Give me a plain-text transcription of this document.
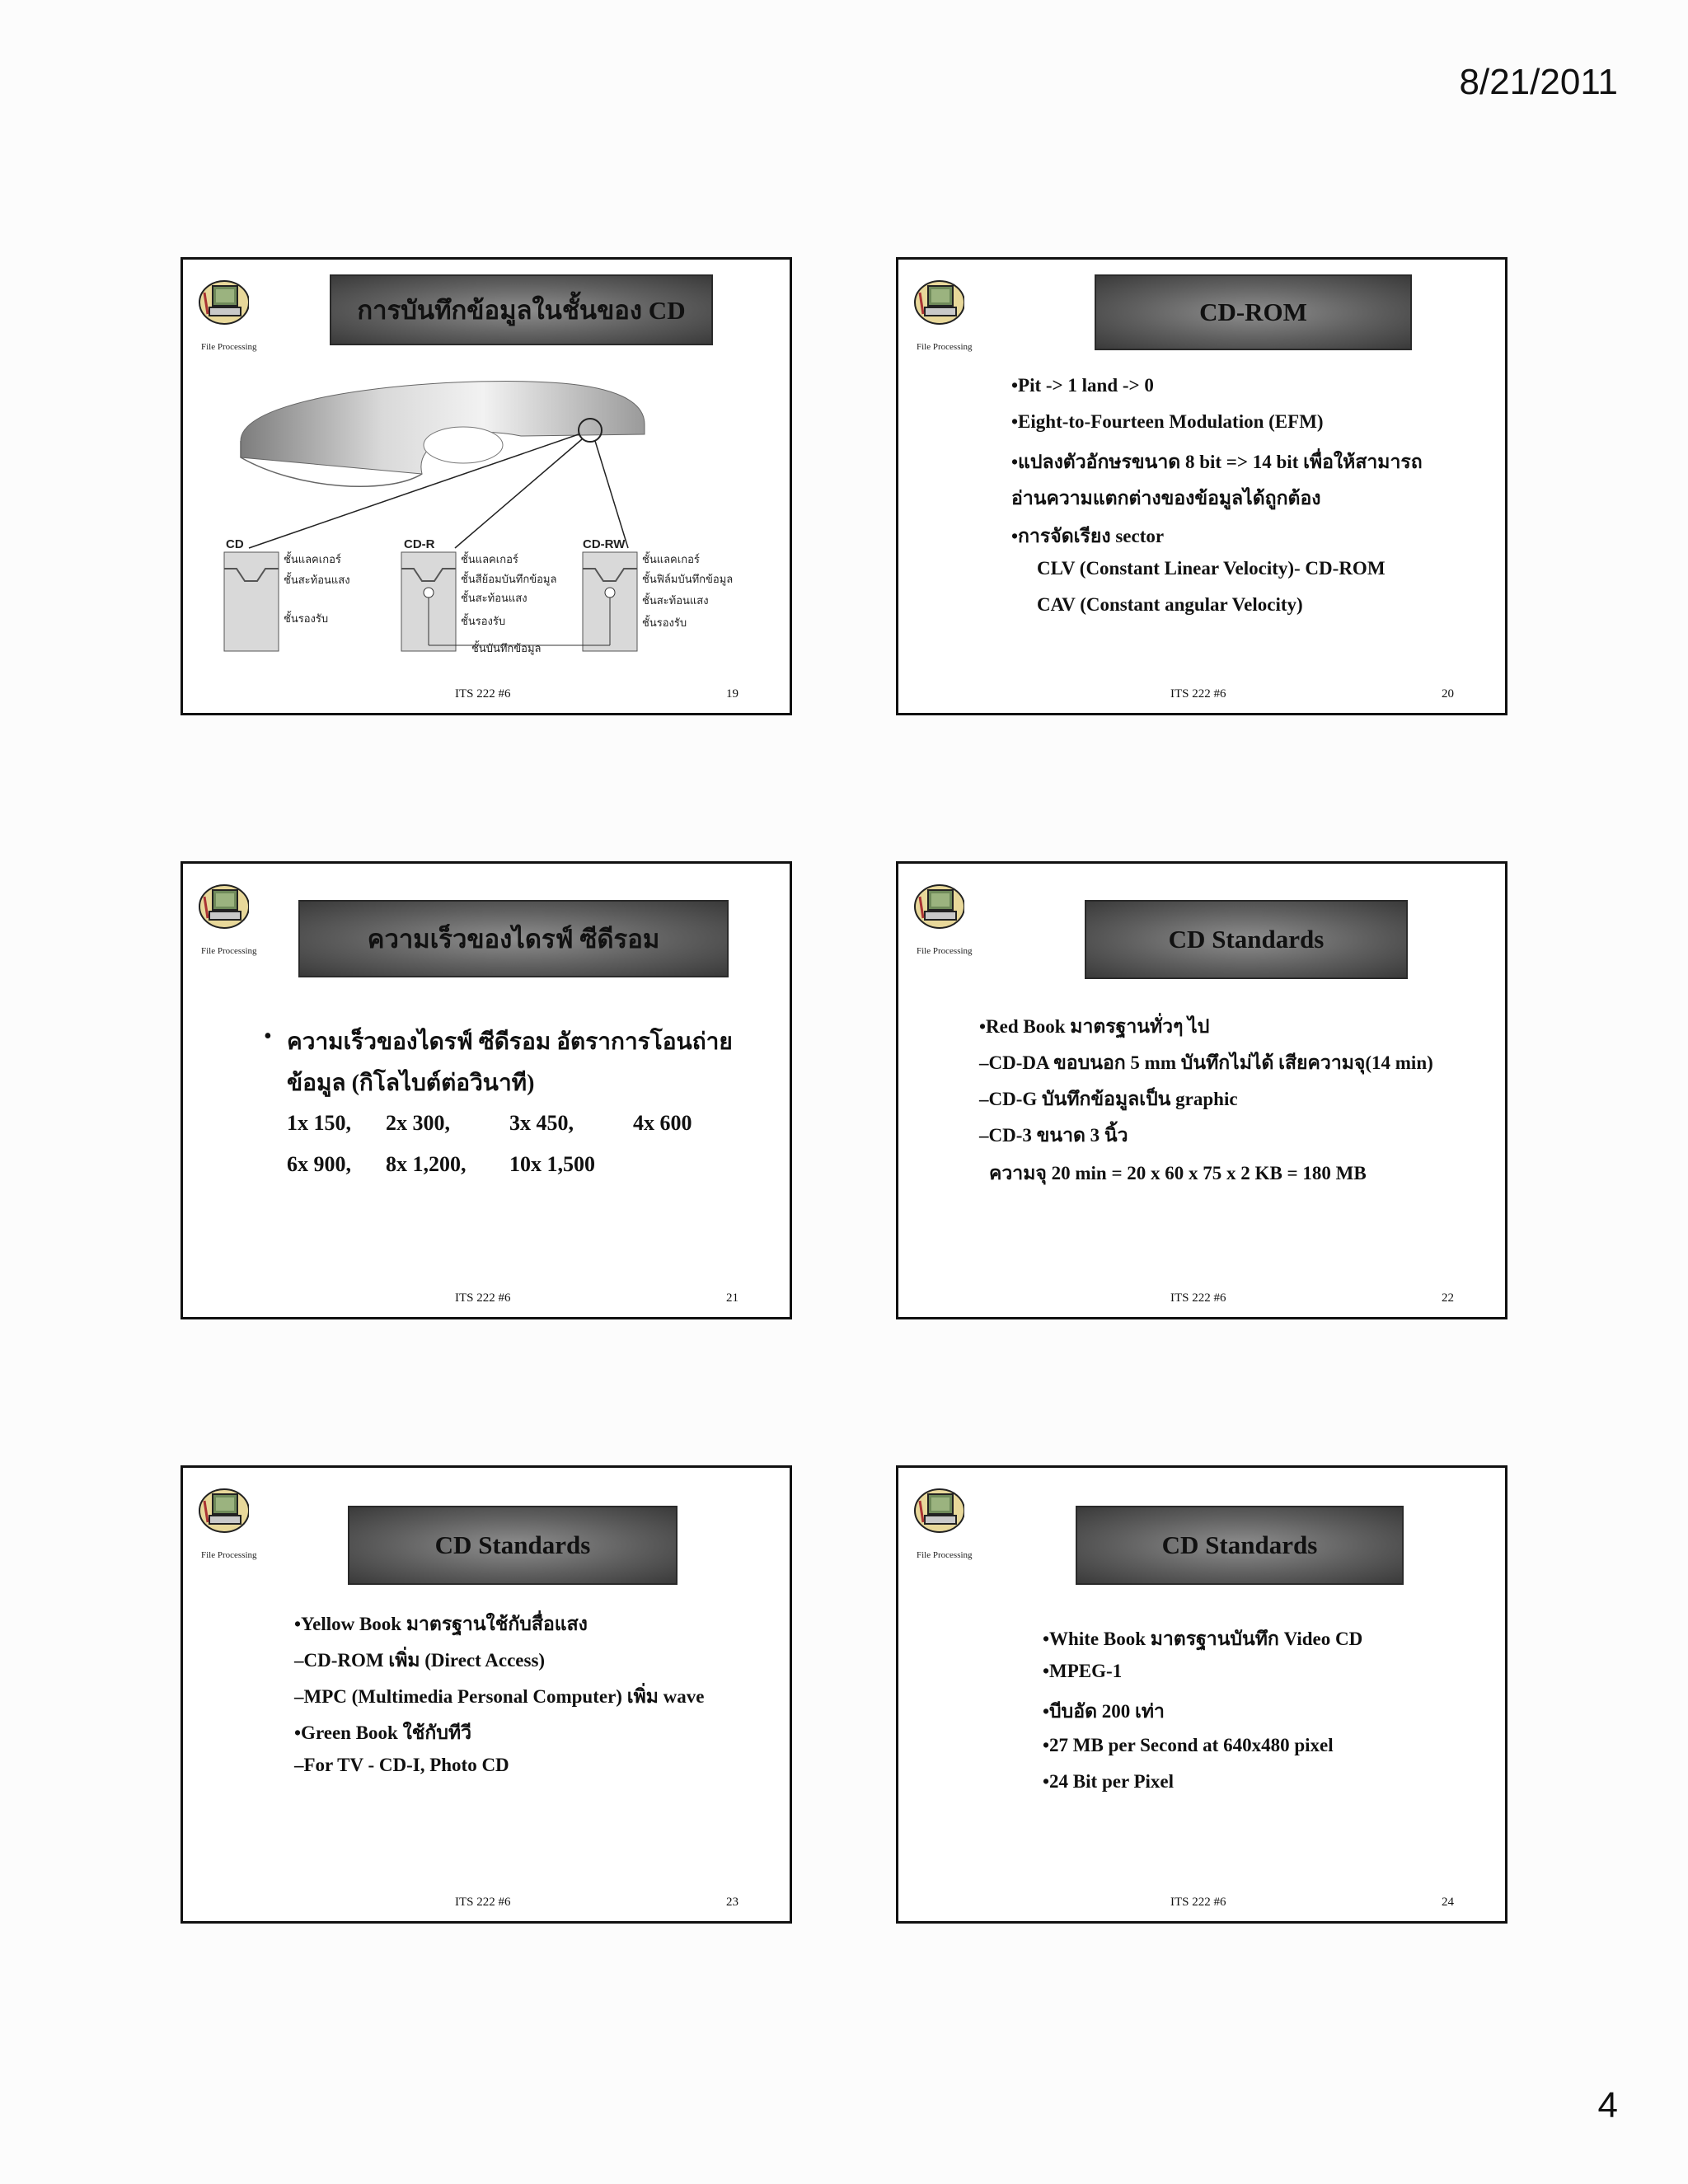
8/21/2011
File Processing
การบันทึกข้อมูลในชั้นของ CD
CD	CD-R	CD-RW
ชั้นแลคเกอร์
ชั้นสะท้อนแสง
ชั้นรองรับ
ชั้นแลคเกอร์
ชั้นสีย้อมบันทึกข้อมูล
ชั้นสะท้อนแสง
ชั้นรองรับ
ชั้นแลคเกอร์
ชั้นฟิล์มบันทึกข้อมูล
ชั้นสะท้อนแสง
ชั้นรองรับ
ชั้นบันทึกข้อมูล
ITS 222 #6	19
File Processing
CD-ROM
•Pit -> 1 land -> 0
•Eight-to-Fourteen Modulation (EFM)
•แปลงตัวอักษรขนาด 8 bit => 14 bit เพื่อให้สามารถ
อ่านความแตกต่างของข้อมูลได้ถูกต้อง
•การจัดเรียง sector
CLV (Constant Linear Velocity)- CD-ROM
CAV (Constant angular Velocity)
ITS 222 #6	20
File Processing	ความเร็วของไดรฟ์ ซีดีรอม
• ความเร็วของไดรฟ์ ซีดีรอม อัตราการโอนถ่าย
ข้อมูล (กิโลไบต์ต่อวินาที)
1x 150, 2x 300,	3x 450,	4x 600
6x 900, 8x 1,200, 10x 1,500
ITS 222 #6	21
File Processing	CD Standards
•Red Book มาตรฐานทั่วๆ ไป
–CD-DA ขอบนอก 5 mm บันทึกไม่ได้ เสียความจุ(14 min)
–CD-G บันทึกข้อมูลเป็น graphic
–CD-3 ขนาด 3 นิ้ว
ความจุ 20 min = 20 x 60 x 75 x 2 KB = 180 MB
ITS 222 #6	22
File Processing	CD Standards
•Yellow Book มาตรฐานใช้กับสื่อแสง
–CD-ROM เพิ่ม (Direct Access)
–MPC (Multimedia Personal Computer) เพิ่ม wave
•Green Book ใช้กับทีวี
–For TV - CD-I, Photo CD
ITS 222 #6	23
File Processing	CD Standards
•White Book มาตรฐานบันทึก Video CD
•MPEG-1
•บีบอัด 200 เท่า
•27 MB per Second at 640x480 pixel
•24 Bit per Pixel
ITS 222 #6	24
4
